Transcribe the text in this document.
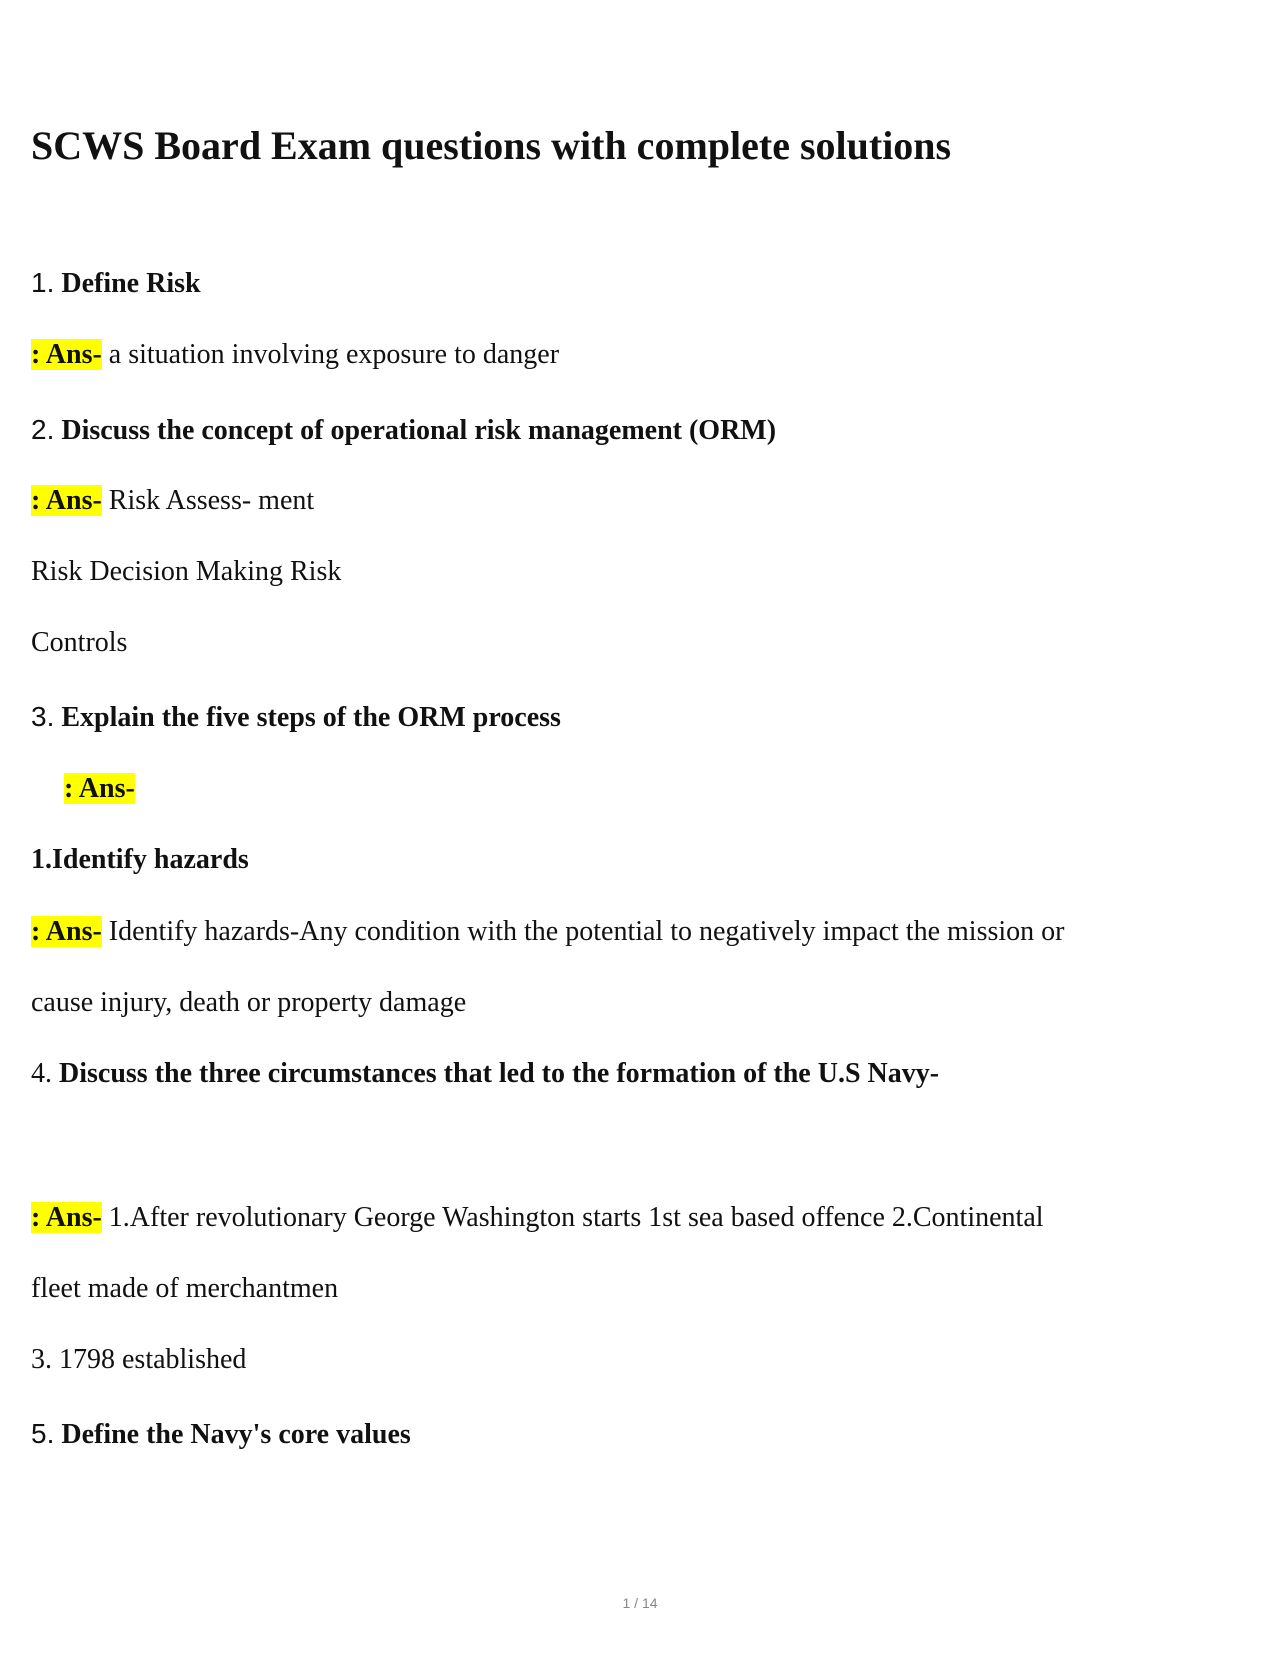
SCWS Board Exam questions with complete solutions

1. Define Risk

: Ans- a situation involving exposure to danger

2. Discuss the concept of operational risk management (ORM)

: Ans- Risk Assess- ment

Risk Decision Making Risk

Controls

3. Explain the five steps of the ORM process

: Ans-

1.Identify hazards

: Ans- Identify hazards-Any condition with the potential to negatively impact the mission or

cause injury, death or property damage

4. Discuss the three circumstances that led to the formation of the U.S Navy-

: Ans- 1.After revolutionary George Washington starts 1st sea based offence 2.Continental

fleet made of merchantmen

3. 1798 established

5. Define the Navy's core values

1 / 14
